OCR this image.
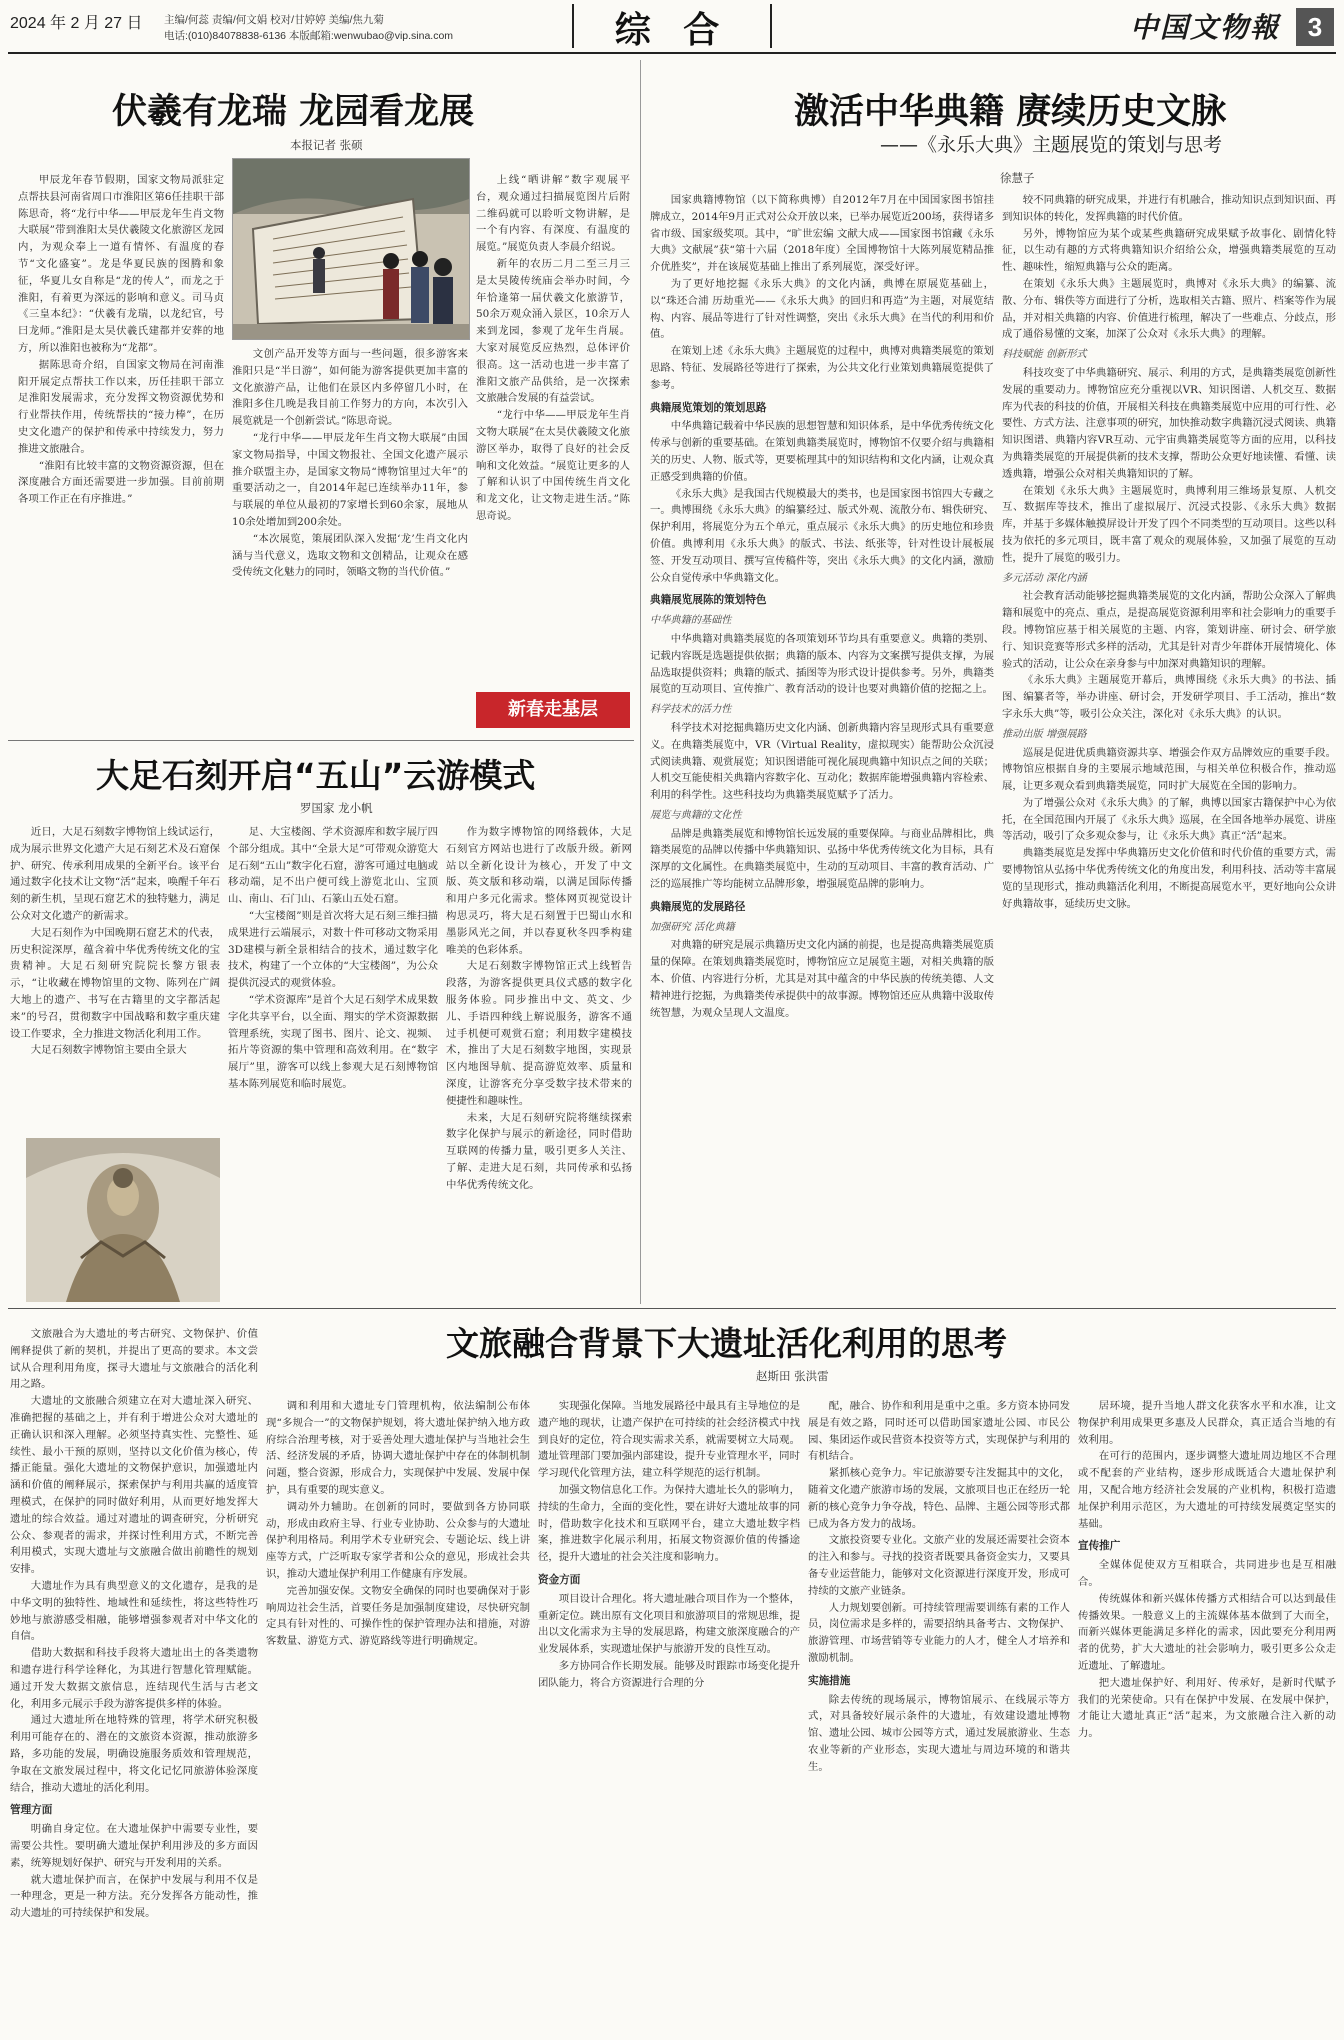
2024 年 2 月 27 日	主编/何蕊 责编/何文娟 校对/甘婷婷 美编/焦九菊
电话:(010)84078838-6136 本版邮箱:wenwubao@vip.sina.com	综 合	中国文物報	3
伏羲有龙瑞 龙园看龙展
本报记者 张硕

甲辰龙年春节假期，国家文物局派驻定点帮扶县河南省周口市淮阳区第6任挂职干部陈思奇，将“龙行中华——甲辰龙年生肖文物大联展”带到淮阳太昊伏羲陵文化旅游区龙园内，为观众奉上一道有情怀、有温度的春节“文化盛宴”。龙是华夏民族的图腾和象征，华夏儿女自称是“龙的传人”，而龙之于淮阳，有着更为深远的影响和意义。司马贞《三皇本纪》：“伏羲有龙瑞，以龙纪官，号曰龙师。”淮阳是太昊伏羲氏建都并安葬的地方，所以淮阳也被称为“龙都”。

据陈思奇介绍，自国家文物局在河南淮阳开展定点帮扶工作以来，历任挂职干部立足淮阳发展需求，充分发挥文物资源优势和行业帮扶作用，传统帮扶的“接力棒”，在历史文化遗产的保护和传承中持续发力，努力推进文旅融合。

“淮阳有比较丰富的文物资源资源，但在深度融合方面还需要进一步加强。目前前期各项工作正在有序推进。”

文创产品开发等方面与一些问题，很多游客来淮阳只是“半日游”，如何能为游客提供更加丰富的文化旅游产品，让他们在景区内多停留几小时，在淮阳多住几晚是我目前工作努力的方向，本次引入展览就是一个创新尝试。”陈思奇说。

“龙行中华——甲辰龙年生肖文物大联展”由国家文物局指导，中国文物报社、全国文化遗产展示推介联盟主办，是国家文物局“博物馆里过大年”的重要活动之一，自2014年起已连续举办11年，参与联展的单位从最初的7家增长到60余家，展地从10余处增加到200余处。

“本次展览，策展团队深入发掘‘龙’生肖文化内涵与当代意义，选取文物和文创精品，让观众在感受传统文化魅力的同时，领略文物的当代价值。”

上线“晒讲解”数字观展平台，观众通过扫描展览图片后附二维码就可以聆听文物讲解，是一个有内容、有深度、有温度的展览。”展览负责人李晨介绍说。

新年的农历二月二至三月三是太昊陵传统庙会举办时间，今年恰逢第一届伏羲文化旅游节，50余万观众涌入景区，10余万人来到龙园，参观了龙年生肖展。大家对展览反应热烈，总体评价很高。这一活动也进一步丰富了淮阳文旅产品供给，是一次探索文旅融合发展的有益尝试。

“龙行中华——甲辰龙年生肖文物大联展”在太昊伏羲陵文化旅游区举办，取得了良好的社会反响和文化效益。“展览让更多的人了解和认识了中国传统生肖文化和龙文化，让文物走进生活。”陈思奇说。

新春走基层
大足石刻开启“五山”云游模式
罗国家 龙小帆

近日，大足石刻数字博物馆上线试运行，成为展示世界文化遗产大足石刻艺术及石窟保护、研究、传承利用成果的全新平台。该平台通过数字化技术让文物“活”起来，唤醒千年石刻的新生机，呈现石窟艺术的独特魅力，满足公众对文化遗产的新需求。

大足石刻作为中国晚期石窟艺术的代表，历史积淀深厚，蕴含着中华优秀传统文化的宝贵精神。大足石刻研究院院长黎方银表示，“让收藏在博物馆里的文物、陈列在广阔大地上的遗产、书写在古籍里的文字都活起来”的号召，贯彻数字中国战略和数字重庆建设工作要求，全力推进文物活化利用工作。

大足石刻数字博物馆主要由全景大

足、大宝楼阁、学术资源库和数字展厅四个部分组成。其中“全景大足”可带观众游览大足石刻“五山”数字化石窟，游客可通过电脑或移动端，足不出户便可线上游览北山、宝顶山、南山、石门山、石篆山五处石窟。

“大宝楼阁”则是首次将大足石刻三维扫描成果进行云端展示，对数十件可移动文物采用3D建模与新全景相结合的技术，通过数字化技术，构建了一个立体的“大宝楼阁”，为公众提供沉浸式的观赏体验。

“学术资源库”是首个大足石刻学术成果数字化共享平台，以全面、翔实的学术资源数据管理系统，实现了图书、图片、论文、视频、拓片等资源的集中管理和高效利用。在“数字展厅”里，游客可以线上参观大足石刻博物馆基本陈列展览和临时展览。

作为数字博物馆的网络载体，大足石刻官方网站也进行了改版升级。新网站以全新化设计为核心，开发了中文版、英文版和移动端，以满足国际传播和用户多元化需求。整体网页视觉设计构思灵巧，将大足石刻置于巴蜀山水和墨影风光之间，并以春夏秋冬四季构建唯美的色彩体系。

大足石刻数字博物馆正式上线暂告段落，为游客提供更具仪式感的数字化服务体验。同步推出中文、英文、少儿、手语四种线上解说服务，游客不通过手机便可观赏石窟；利用数字建模技术，推出了大足石刻数字地图，实现景区内地图导航、提高游览效率、质量和深度，让游客充分享受数字技术带来的便捷性和趣味性。

未来，大足石刻研究院将继续探索数字化保护与展示的新途径，同时借助互联网的传播力量，吸引更多人关注、了解、走进大足石刻，共同传承和弘扬中华优秀传统文化。

激活中华典籍 赓续历史文脉
——《永乐大典》主题展览的策划与思考
徐慧子

国家典籍博物馆（以下简称典博）自2012年7月在中国国家图书馆挂牌成立，2014年9月正式对公众开放以来，已举办展览近200场，获得诸多省市级、国家级奖项。其中，“旷世宏编 文献大成——国家图书馆藏《永乐大典》文献展”获“第十六届（2018年度）全国博物馆十大陈列展览精品推介优胜奖”，并在该展览基础上推出了系列展览，深受好评。

为了更好地挖掘《永乐大典》的文化内涵，典博在原展览基础上，以“珠还合浦 历劫重光——《永乐大典》的回归和再造”为主题，对展览结构、内容、展品等进行了针对性调整，突出《永乐大典》在当代的利用和价值。

在策划上述《永乐大典》主题展览的过程中，典博对典籍类展览的策划思路、特征、发展路径等进行了探索，为公共文化行业策划典籍展览提供了参考。

典籍展览策划的策划思路

中华典籍记载着中华民族的思想智慧和知识体系，是中华优秀传统文化传承与创新的重要基础。在策划典籍类展览时，博物馆不仅要介绍与典籍相关的历史、人物、版式等，更要梳理其中的知识结构和文化内涵，让观众真正感受到典籍的价值。

《永乐大典》是我国古代规模最大的类书，也是国家图书馆四大专藏之一。典博围绕《永乐大典》的编纂经过、版式外观、流散分布、辑佚研究、保护利用，将展览分为五个单元，重点展示《永乐大典》的历史地位和珍贵价值。典博利用《永乐大典》的版式、书法、纸张等，针对性设计展板展签、开发互动项目、撰写宣传稿件等，突出《永乐大典》的文化内涵，激励公众自觉传承中华典籍文化。

典籍展览展陈的策划特色

中华典籍的基础性

中华典籍对典籍类展览的各项策划环节均具有重要意义。典籍的类别、记载内容既是选题提供依据；典籍的版本、内容为文案撰写提供支撑，为展品选取提供资料；典籍的版式、插图等为形式设计提供参考。另外，典籍类展览的互动项目、宣传推广、教育活动的设计也要对典籍价值的挖掘之上。

科学技术的活力性

科学技术对挖掘典籍历史文化内涵、创新典籍内容呈现形式具有重要意义。在典籍类展览中，VR（Virtual Reality，虚拟现实）能帮助公众沉浸式阅读典籍、观赏展览；知识图谱能可视化展现典籍中知识点之间的关联；人机交互能使相关典籍内容数字化、互动化；数据库能增强典籍内容检索、利用的科学性。这些科技均为典籍类展览赋予了活力。

展览与典籍的文化性

品牌是典籍类展览和博物馆长远发展的重要保障。与商业品牌相比，典籍类展览的品牌以传播中华典籍知识、弘扬中华优秀传统文化为目标，具有深厚的文化属性。在典籍类展览中，生动的互动项目、丰富的教育活动、广泛的巡展推广等均能树立品牌形象，增强展览品牌的影响力。

典籍展览的发展路径

加强研究 活化典籍

对典籍的研究是展示典籍历史文化内涵的前提，也是提高典籍类展览质量的保障。在策划典籍类展览时，博物馆应立足展览主题，对相关典籍的版本、价值、内容进行分析，尤其是对其中蕴含的中华民族的传统美德、人文精神进行挖掘，为典籍类传承提供中的故事源。博物馆还应从典籍中汲取传统智慧，为观众呈现人文温度。

较不同典籍的研究成果，并进行有机融合，推动知识点到知识面、再到知识体的转化，发挥典籍的时代价值。

另外，博物馆应为某个或某些典籍研究成果赋予故事化、剧情化特征，以生动有趣的方式将典籍知识介绍给公众，增强典籍类展览的互动性、趣味性，缩短典籍与公众的距离。

在策划《永乐大典》主题展览时，典博对《永乐大典》的编纂、流散、分布、辑佚等方面进行了分析，选取相关古籍、照片、档案等作为展品，并对相关典籍的内容、价值进行梳理，解决了一些难点、分歧点，形成了通俗易懂的文案，加深了公众对《永乐大典》的理解。

科技赋能 创新形式

科技攻变了中华典籍研究、展示、利用的方式，是典籍类展览创新性发展的重要动力。博物馆应充分重视以VR、知识图谱、人机交互、数据库为代表的科技的价值，开展相关科技在典籍类展览中应用的可行性、必要性、方式方法、注意事项的研究，加快推动数字典籍沉浸式阅读、典籍知识图谱、典籍内容VR互动、元宇宙典籍类展览等方面的应用，以科技为典籍类展览的开展提供新的技术支撑，帮助公众更好地读懂、看懂、读透典籍，增强公众对相关典籍知识的了解。

在策划《永乐大典》主题展览时，典博利用三维场景复原、人机交互、数据库等技术，推出了虚拟展厅、沉浸式投影、《永乐大典》数据库，并基于多媒体触摸屏设计开发了四个不同类型的互动项目。这些以科技为依托的多元项目，既丰富了观众的观展体验，又加强了展览的互动性，提升了展览的吸引力。

多元活动 深化内涵

社会教育活动能够挖掘典籍类展览的文化内涵，帮助公众深入了解典籍和展览中的亮点、重点，是提高展览资源利用率和社会影响力的重要手段。博物馆应基于相关展览的主题、内容，策划讲座、研讨会、研学旅行、知识竞赛等形式多样的活动，尤其是针对青少年群体开展情境化、体验式的活动，让公众在亲身参与中加深对典籍知识的理解。

《永乐大典》主题展览开幕后，典博围绕《永乐大典》的书法、插图、编纂者等，举办讲座、研讨会，开发研学项目、手工活动，推出“数字永乐大典”等，吸引公众关注，深化对《永乐大典》的认识。

推动出版 增强展路

巡展是促进优质典籍资源共享、增强会作双方品牌效应的重要手段。博物馆应根据自身的主要展示地域范围，与相关单位积极合作，推动巡展，让更多观众看到典籍类展览，同时扩大展览在全国的影响力。

为了增强公众对《永乐大典》的了解，典博以国家古籍保护中心为依托，在全国范围内开展了《永乐大典》巡展，在全国各地举办展览、讲座等活动，吸引了众多观众参与，让《永乐大典》真正“活”起来。

典籍类展览是发挥中华典籍历史文化价值和时代价值的重要方式，需要博物馆从弘扬中华优秀传统文化的角度出发，利用科技、活动等丰富展览的呈现形式，推动典籍活化利用，不断提高展览水平，更好地向公众讲好典籍故事，延续历史文脉。

文旅融合背景下大遗址活化利用的思考
赵斯田 张洪雷

文旅融合为大遗址的考古研究、文物保护、价值阐释提供了新的契机，并提出了更高的要求。本文尝试从合理利用角度，探寻大遗址与文旅融合的活化利用之路。

大遗址的文旅融合须建立在对大遗址深入研究、准确把握的基础之上，并有利于增进公众对大遗址的正确认识和深入理解。必须坚持真实性、完整性、延续性、最小干预的原则，坚持以文化价值为核心，传播正能量。强化大遗址的文物保护意识，加强遗址内涵和价值的阐释展示，探索保护与利用共赢的适度管理模式，在保护的同时做好利用，从而更好地发挥大遗址的综合效益。通过对遗址的调查研究，分析研究公众、参观者的需求，并探讨性利用方式，不断完善利用模式，实现大遗址与文旅融合做出前瞻性的规划安排。

大遗址作为具有典型意义的文化遗存，是我的是中华文明的独特性、地域性和延续性，将这些特性巧妙地与旅游感受相融，能够增强参观者对中华文化的自信。

借助大数据和科技手段将大遗址出土的各类遗物和遗存进行科学诠释化，为其进行智慧化管理赋能。通过开发大数据文旅信息，连结现代生活与古老文化，利用多元展示手段为游客提供多样的体验。

通过大遗址所在地特殊的管理，将学术研究积极利用可能存在的、潜在的文旅资本资源，推动旅游多路，多功能的发展，明确设施服务质效和管理规范，争取在文旅发展过程中，将文化记忆同旅游体验深度结合，推动大遗址的活化利用。

管理方面

明确自身定位。在大遗址保护中需要专业性，要需要公共性。要明确大遗址保护利用涉及的多方面因素，统筹规划好保护、研究与开发利用的关系。

就大遗址保护而言，在保护中发展与利用不仅是一种理念，更是一种方法。充分发挥各方能动性，推动大遗址的可持续保护和发展。

调和利用和大遗址专门管理机构，依法编制公布体现“多规合一”的文物保护规划，将大遗址保护纳入地方政府综合治理考核，对于妥善处理大遗址保护与当地社会生活、经济发展的矛盾，协调大遗址保护中存在的体制机制问题，整合资源，形成合力，实现保护中发展、发展中保护，具有重要的现实意义。

调动外力辅助。在创新的同时，要做到各方协同联动，形成由政府主导、行业专业协助、公众参与的大遗址保护利用格局。利用学术专业研究会、专题论坛、线上讲座等方式，广泛听取专家学者和公众的意见，形成社会共识，推动大遗址保护利用工作健康有序发展。

完善加强安保。文物安全确保的同时也要确保对于影响周边社会生活，首要任务是加强制度建设，尽快研究制定具有针对性的、可操作性的保护管理办法和措施，对游客数量、游览方式、游览路线等进行明确规定。

实现强化保障。当地发展路径中最具有主导地位的是遗产地的现状，让遗产保护在可持续的社会经济模式中找到良好的定位，符合现实需求关系，就需要树立大局观。遗址管理部门要加强内部建设，提升专业管理水平，同时学习现代化管理方法，建立科学规范的运行机制。

加强文物信息化工作。为保持大遗址长久的影响力，持续的生命力，全面的变化性，要在讲好大遗址故事的同时，借助数字化技术和互联网平台，建立大遗址数字档案，推进数字化展示利用，拓展文物资源价值的传播途径，提升大遗址的社会关注度和影响力。

资金方面

项目设计合理化。将大遗址融合项目作为一个整体，重新定位。跳出原有文化项目和旅游项目的常规思维，提出以文化需求为主导的发展思路，构建文旅深度融合的产业发展体系，实现遗址保护与旅游开发的良性互动。

多方协同合作长期发展。能够及时跟踪市场变化提升团队能力，将合方资源进行合理的分

配，融合、协作和利用是重中之重。多方资本协同发展是有效之路，同时还可以借助国家遗址公园、市民公园、集团运作或民营资本投资等方式，实现保护与利用的有机结合。

紧抓核心竞争力。牢记旅游要专注发掘其中的文化，随着文化遗产旅游市场的发展，文旅项目也正在经历一轮新的核心竞争力争夺战，特色、品牌、主题公园等形式都已成为各方发力的战场。

文旅投资要专业化。文旅产业的发展还需要社会资本的注入和参与。寻找的投资者既要具备资金实力，又要具备专业运营能力，能够对文化资源进行深度开发，形成可持续的文旅产业链条。

人力规划要创新。可持续管理需要训练有素的工作人员，岗位需求是多样的，需要招纳具备考古、文物保护、旅游管理、市场营销等专业能力的人才，健全人才培养和激励机制。

实施措施

除去传统的现场展示，博物馆展示、在线展示等方式，对具备较好展示条件的大遗址，有效建设遗址博物馆、遗址公园、城市公园等方式，通过发展旅游业、生态农业等新的产业形态，实现大遗址与周边环境的和谐共生。

居环境，提升当地人群文化获客水平和水准，让文物保护利用成果更多惠及人民群众，真正适合当地的有效利用。

在可行的范围内，逐步调整大遗址周边地区不合理或不配套的产业结构，逐步形成既适合大遗址保护利用，又配合地方经济社会发展的产业机构，积极打造遗址保护利用示范区，为大遗址的可持续发展奠定坚实的基础。

宣传推广

全媒体促使双方互相联合，共同进步也是互相融合。

传统媒体和新兴媒体传播方式相结合可以达到最佳传播效果。一般意义上的主流媒体基本做到了大而全，而新兴媒体更能满足多样化的需求，因此要充分利用两者的优势，扩大大遗址的社会影响力，吸引更多公众走近遗址、了解遗址。

把大遗址保护好、利用好、传承好，是新时代赋予我们的光荣使命。只有在保护中发展、在发展中保护，才能让大遗址真正“活”起来，为文旅融合注入新的动力。
